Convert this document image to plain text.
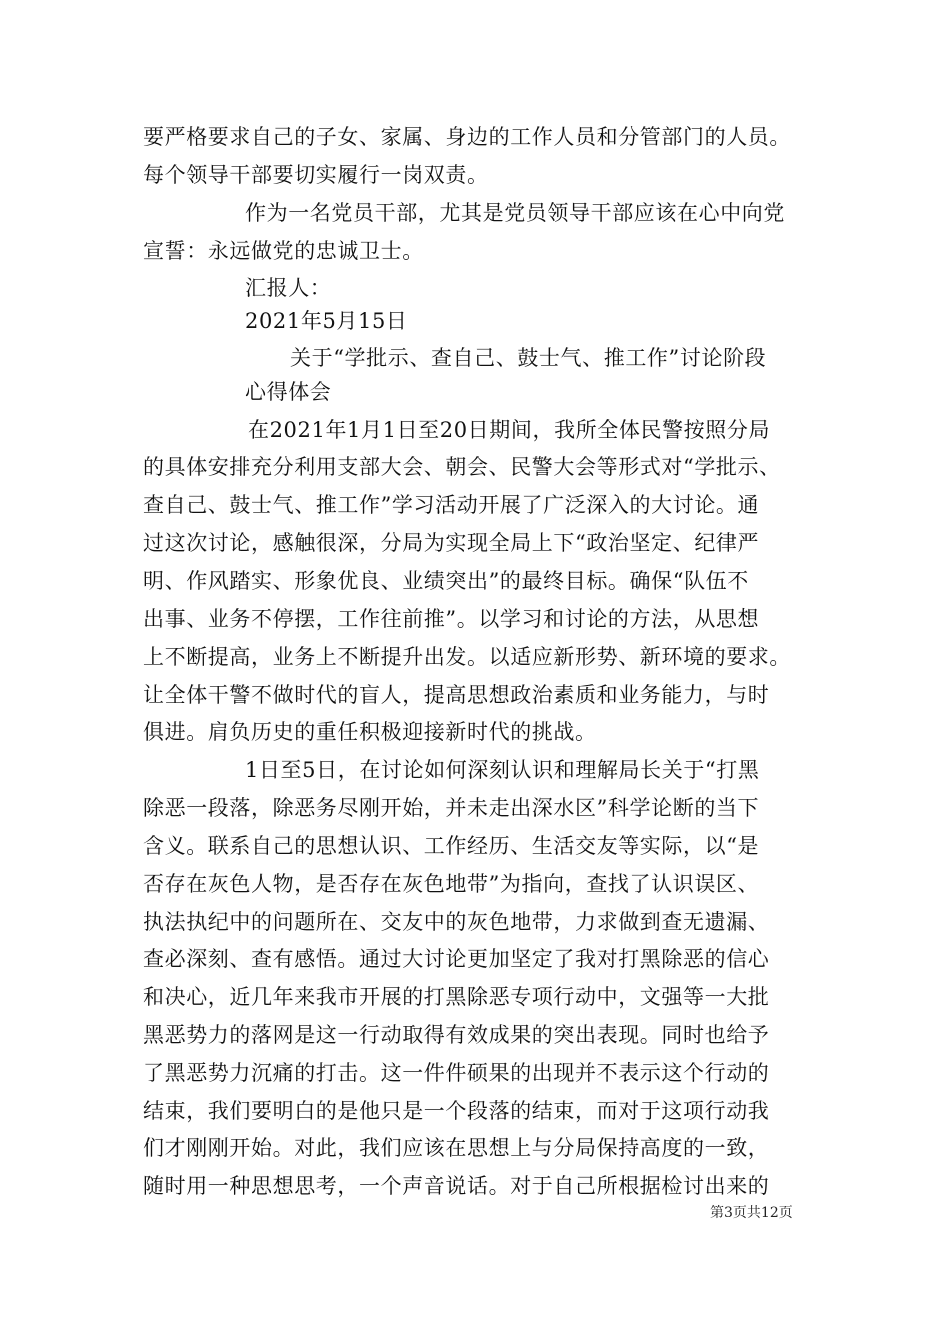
要严格要求自己的子女、家属、身边的工作人员和分管部门的人员。
每个领导干部要切实履行一岗双责。
作为一名党员干部，尤其是党员领导干部应该在心中向党
宣誓：永远做党的忠诚卫士。
汇报人：
2021年5月15日
关于“学批示、查自己、鼓士气、推工作”讨论阶段
心得体会
在2021年1月1日至20日期间，我所全体民警按照分局
的具体安排充分利用支部大会、朝会、民警大会等形式对“学批示、
查自己、鼓士气、推工作”学习活动开展了广泛深入的大讨论。通
过这次讨论，感触很深，分局为实现全局上下“政治坚定、纪律严
明、作风踏实、形象优良、业绩突出”的最终目标。确保“队伍不
出事、业务不停摆，工作往前推”。以学习和讨论的方法，从思想
上不断提高，业务上不断提升出发。以适应新形势、新环境的要求。
让全体干警不做时代的盲人，提高思想政治素质和业务能力，与时
俱进。肩负历史的重任积极迎接新时代的挑战。
1日至5日，在讨论如何深刻认识和理解局长关于“打黑
除恶一段落，除恶务尽刚开始，并未走出深水区”科学论断的当下
含义。联系自己的思想认识、工作经历、生活交友等实际，以“是
否存在灰色人物，是否存在灰色地带”为指向，查找了认识误区、
执法执纪中的问题所在、交友中的灰色地带，力求做到查无遗漏、
查必深刻、查有感悟。通过大讨论更加坚定了我对打黑除恶的信心
和决心，近几年来我市开展的打黑除恶专项行动中，文强等一大批
黑恶势力的落网是这一行动取得有效成果的突出表现。同时也给予
了黑恶势力沉痛的打击。这一件件硕果的出现并不表示这个行动的
结束，我们要明白的是他只是一个段落的结束，而对于这项行动我
们才刚刚开始。对此，我们应该在思想上与分局保持高度的一致，
随时用一种思想思考，一个声音说话。对于自己所根据检讨出来的
第3页共12页
